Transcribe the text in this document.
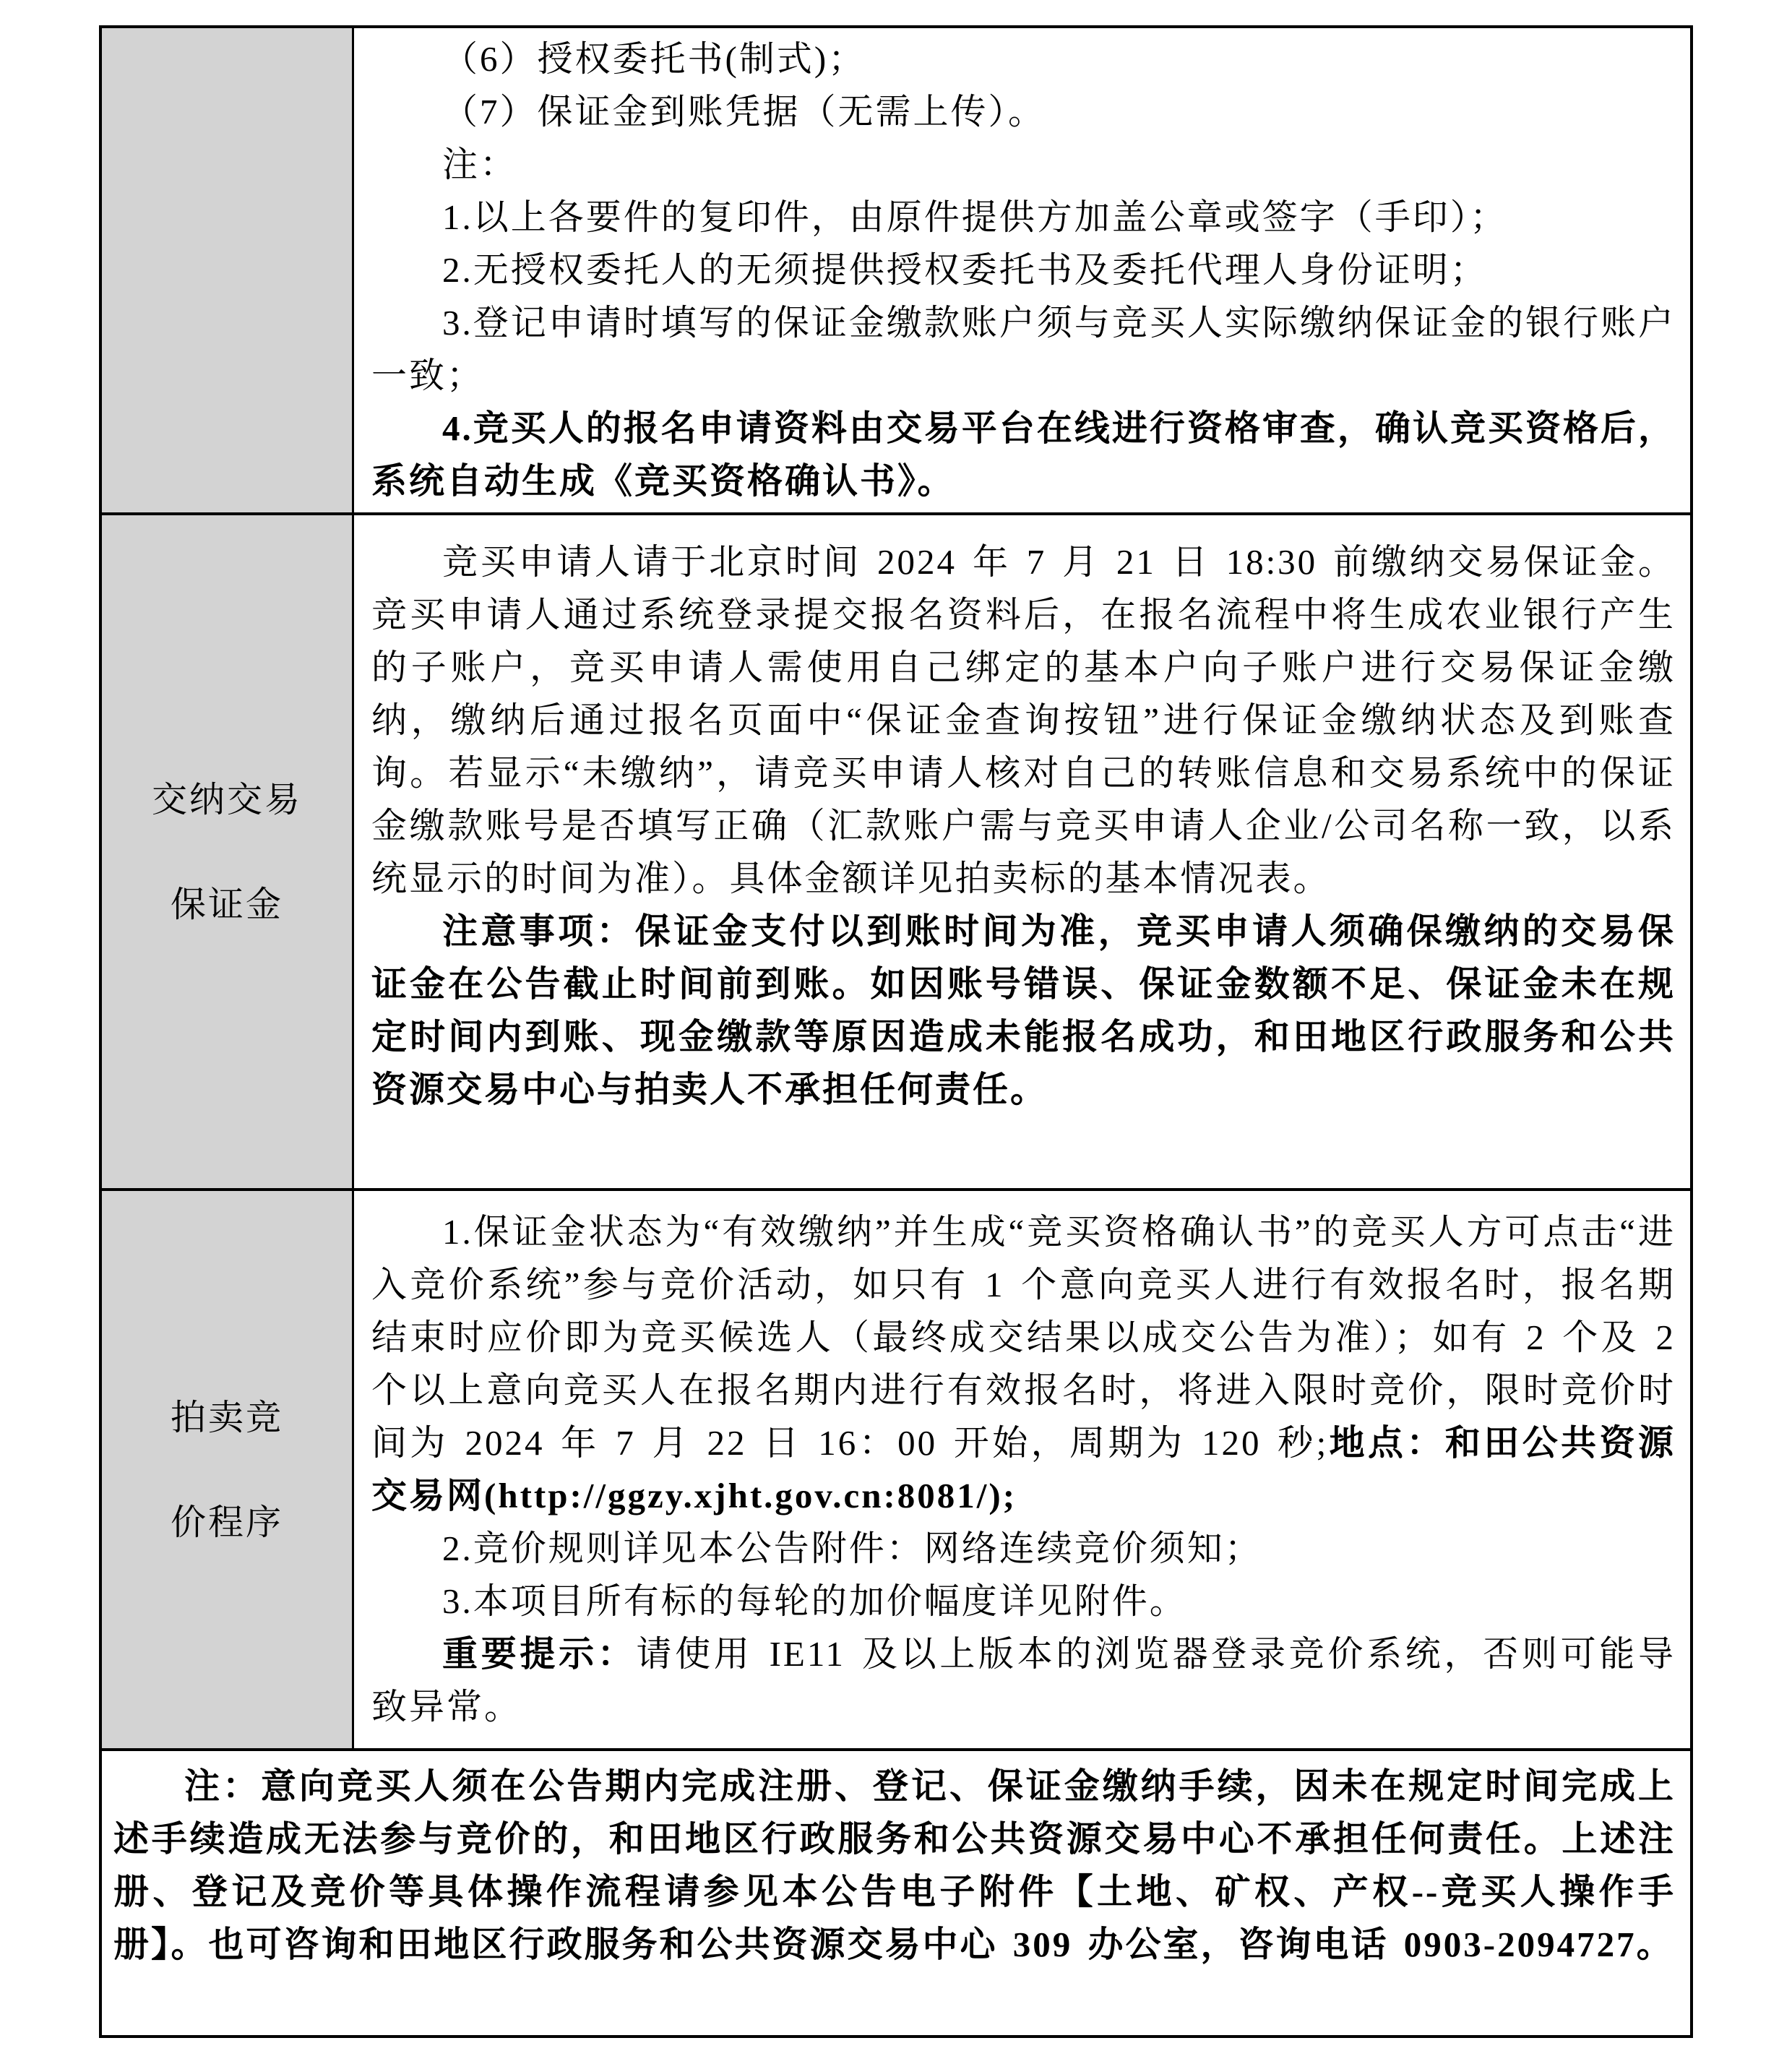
（6）授权委托书(制式)；

（7）保证金到账凭据（无需上传）。

注：

1.以上各要件的复印件，由原件提供方加盖公章或签字（手印）；

2.无授权委托人的无须提供授权委托书及委托代理人身份证明；

3.登记申请时填写的保证金缴款账户须与竞买人实际缴纳保证金的银行账户一致；

4.竞买人的报名申请资料由交易平台在线进行资格审查，确认竞买资格后，系统自动生成《竞买资格确认书》。

交纳交易
保证金

竞买申请人请于北京时间 2024 年 7 月 21 日 18:30 前缴纳交易保证金。竞买申请人通过系统登录提交报名资料后，在报名流程中将生成农业银行产生的子账户，竞买申请人需使用自己绑定的基本户向子账户进行交易保证金缴纳，缴纳后通过报名页面中“保证金查询按钮”进行保证金缴纳状态及到账查询。若显示“未缴纳”，请竞买申请人核对自己的转账信息和交易系统中的保证金缴款账号是否填写正确（汇款账户需与竞买申请人企业/公司名称一致，以系统显示的时间为准）。具体金额详见拍卖标的基本情况表。

注意事项：保证金支付以到账时间为准，竞买申请人须确保缴纳的交易保证金在公告截止时间前到账。如因账号错误、保证金数额不足、保证金未在规定时间内到账、现金缴款等原因造成未能报名成功，和田地区行政服务和公共资源交易中心与拍卖人不承担任何责任。

拍卖竞
价程序

1.保证金状态为“有效缴纳”并生成“竞买资格确认书”的竞买人方可点击“进入竞价系统”参与竞价活动，如只有 1 个意向竞买人进行有效报名时，报名期结束时应价即为竞买候选人（最终成交结果以成交公告为准）；如有 2 个及 2 个以上意向竞买人在报名期内进行有效报名时，将进入限时竞价，限时竞价时间为 2024 年 7 月 22 日 16：00 开始，周期为 120 秒;地点：和田公共资源交易网(http://ggzy.xjht.gov.cn:8081/);

2.竞价规则详见本公告附件：网络连续竞价须知；

3.本项目所有标的每轮的加价幅度详见附件。

重要提示：请使用 IE11 及以上版本的浏览器登录竞价系统，否则可能导致异常。

注：意向竞买人须在公告期内完成注册、登记、保证金缴纳手续，因未在规定时间完成上述手续造成无法参与竞价的，和田地区行政服务和公共资源交易中心不承担任何责任。上述注册、登记及竞价等具体操作流程请参见本公告电子附件【土地、矿权、产权--竞买人操作手册】。也可咨询和田地区行政服务和公共资源交易中心 309 办公室，咨询电话 0903-2094727。
